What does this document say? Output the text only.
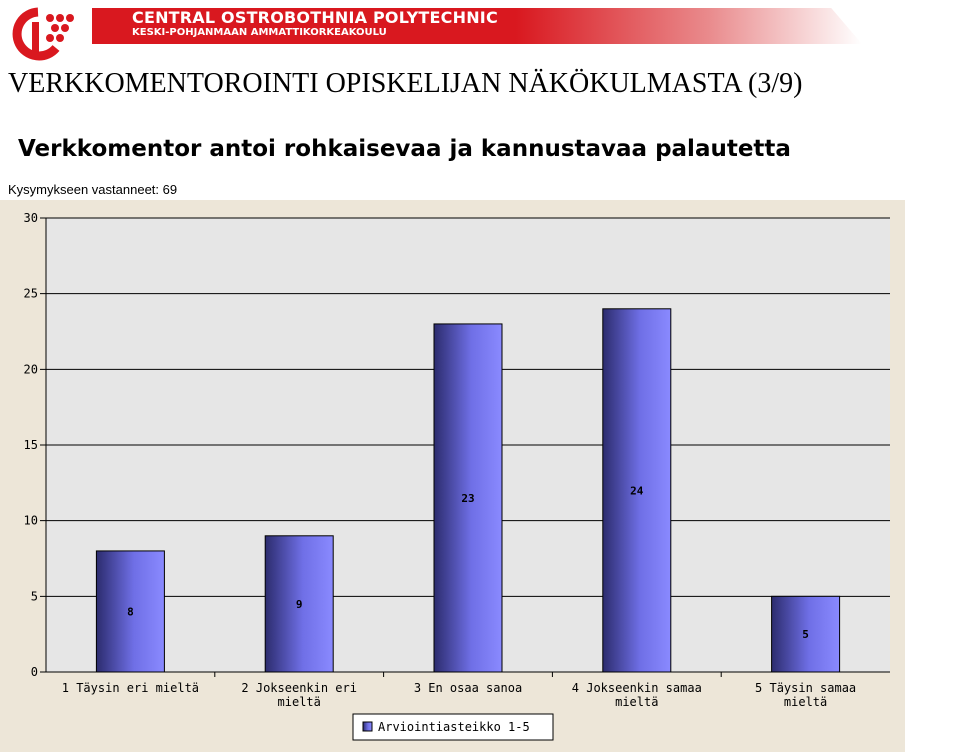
CENTRAL OSTROBOTHNIA POLYTECHNIC
KESKI-POHJANMAAN AMMATTIKORKEAKOULU
VERKKOMENTOROINTI OPISKELIJAN NÄKÖKULMASTA (3/9)
Verkkomentor antoi rohkaisevaa ja kannustavaa palautetta
Kysymykseen vastanneet: 69
0
5
10
15
20
25
30
8
1 Täysin eri mieltä
9
2 Jokseenkin eri
mieltä
23
3 En osaa sanoa
24
4 Jokseenkin samaa
mieltä
5
5 Täysin samaa
mieltä
Arviointiasteikko 1-5
